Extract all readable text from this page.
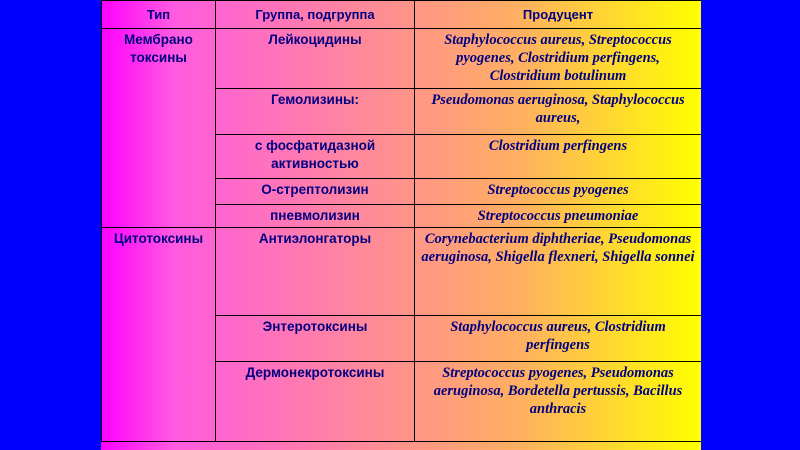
Тип	Группа, подгруппа	Продуцент
Мембрано токсины	Лейкоцидины	Staphylococcus aureus, Streptococcus pyogenes, Clostridium perfingens, Clostridium botulinum
	Гемолизины:	Pseudomonas aeruginosa, Staphylococcus aureus,
	с фосфатидазной активностью	Clostridium perfingens
	О-стрептолизин	Streptococcus pyogenes
	пневмолизин	Streptococcus pneumoniae
Цитотоксины	Антиэлонгаторы	Corynebacterium diphtheriae, Pseudomonas aeruginosa, Shigella flexneri, Shigella sonnei
	Энтеротоксины	Staphylococcus aureus, Clostridium perfingens
	Дермонекротоксины	Streptococcus pyogenes, Pseudomonas aeruginosa, Bordetella pertussis, Bacillus anthracis
